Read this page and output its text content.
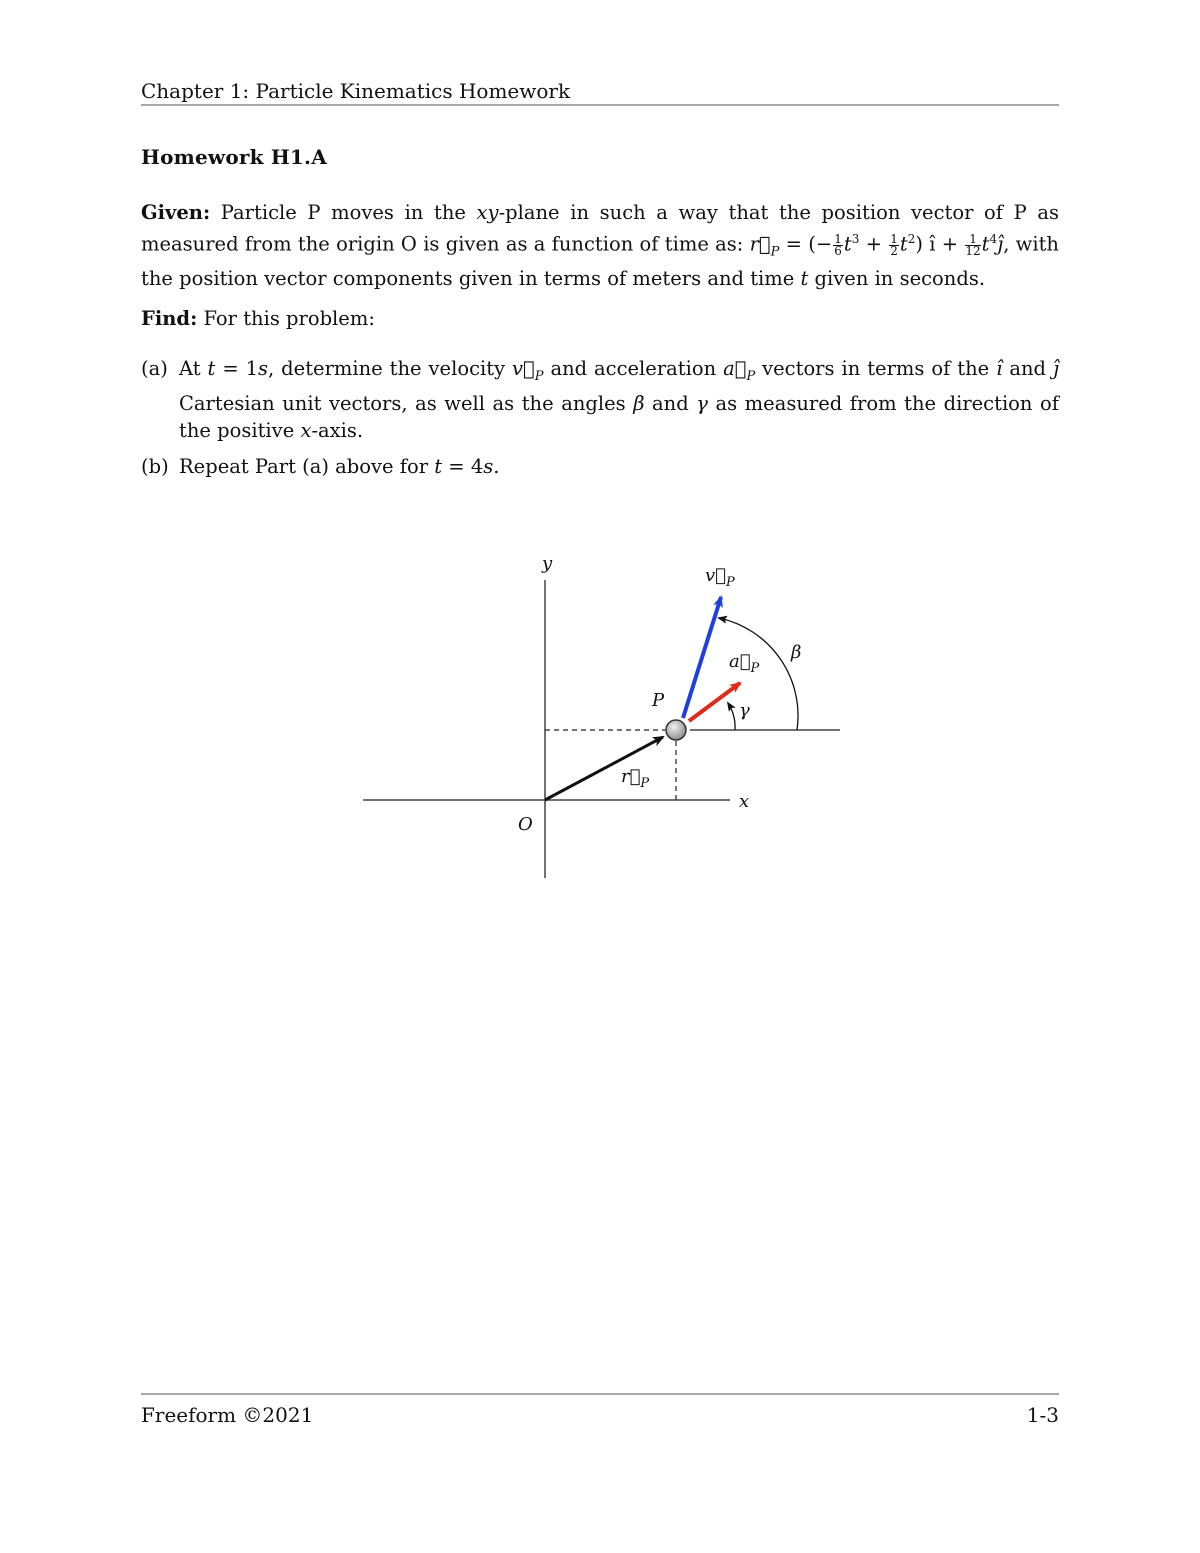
Chapter 1: Particle Kinematics Homework
Homework H1.A
Given: Particle P moves in the xy-plane in such a way that the position vector of P as measured from the origin O is given as a function of time as: $r⃗_P$ = (− $\frac{1}{6} t^3 + \frac{1}{2} t^2$) î + $\frac{1}{12}$ $t^4ĵ$, with the position vector components given in terms of meters and time t given in seconds.
Find: For this problem:
(a) At t = 1s, determine the velocity $v⃗_P$ and acceleration $a⃗_P$ vectors in terms of the î and ĵ Cartesian unit vectors, as well as the angles β and γ as measured from the direction of the positive x-axis.
(b) Repeat Part (a) above for t = 4s.
y
x
O
P
$r⃗_P$
$v⃗_P$
$a⃗_P$
β
γ
Freeform ©2021	1-3
